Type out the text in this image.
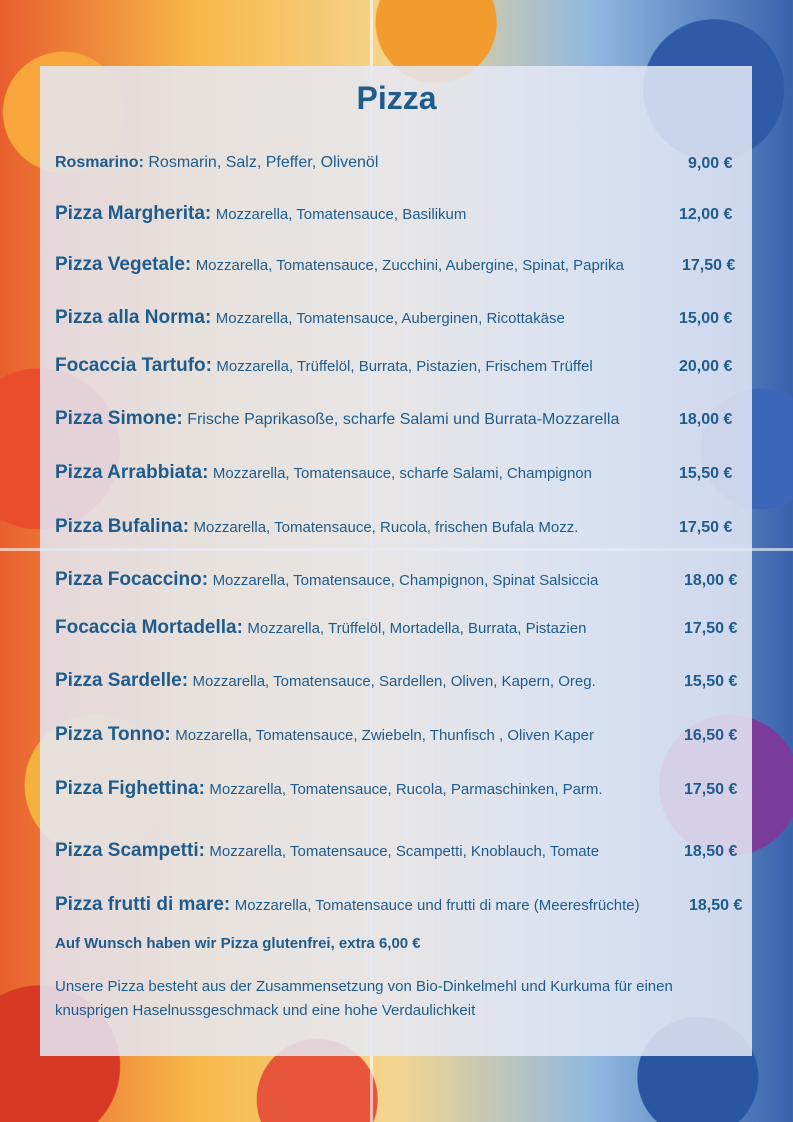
Pizza
Rosmarino: Rosmarin, Salz, Pfeffer, Olivenöl	9,00 €
Pizza Margherita: Mozzarella, Tomatensauce, Basilikum	12,00 €
Pizza Vegetale: Mozzarella, Tomatensauce, Zucchini, Aubergine, Spinat, Paprika	17,50 €
Pizza alla Norma: Mozzarella, Tomatensauce, Auberginen, Ricottakäse	15,00 €
Focaccia Tartufo: Mozzarella, Trüffelöl, Burrata, Pistazien, Frischem Trüffel	20,00 €
Pizza Simone: Frische Paprikasoße, scharfe Salami und Burrata-Mozzarella	18,00 €
Pizza Arrabbiata: Mozzarella, Tomatensauce, scharfe Salami, Champignon	15,50 €
Pizza Bufalina: Mozzarella, Tomatensauce, Rucola, frischen Bufala Mozz.	17,50 €
Pizza Focaccino: Mozzarella, Tomatensauce, Champignon, Spinat Salsiccia	18,00 €
Focaccia Mortadella: Mozzarella, Trüffelöl, Mortadella, Burrata, Pistazien	17,50 €
Pizza Sardelle: Mozzarella, Tomatensauce, Sardellen, Oliven, Kapern, Oreg.	15,50 €
Pizza Tonno: Mozzarella, Tomatensauce, Zwiebeln, Thunfisch , Oliven Kaper	16,50 €
Pizza Fighettina: Mozzarella, Tomatensauce, Rucola, Parmaschinken, Parm.	17,50 €
Pizza Scampetti: Mozzarella, Tomatensauce, Scampetti, Knoblauch, Tomate	18,50 €
Pizza frutti di mare: Mozzarella, Tomatensauce und frutti di mare (Meeresfrüchte)	18,50 €
Auf Wunsch haben wir Pizza glutenfrei, extra 6,00 €
Unsere Pizza besteht aus der Zusammensetzung von Bio-Dinkelmehl und Kurkuma für einen knusprigen Haselnussgeschmack und eine hohe Verdaulichkeit
